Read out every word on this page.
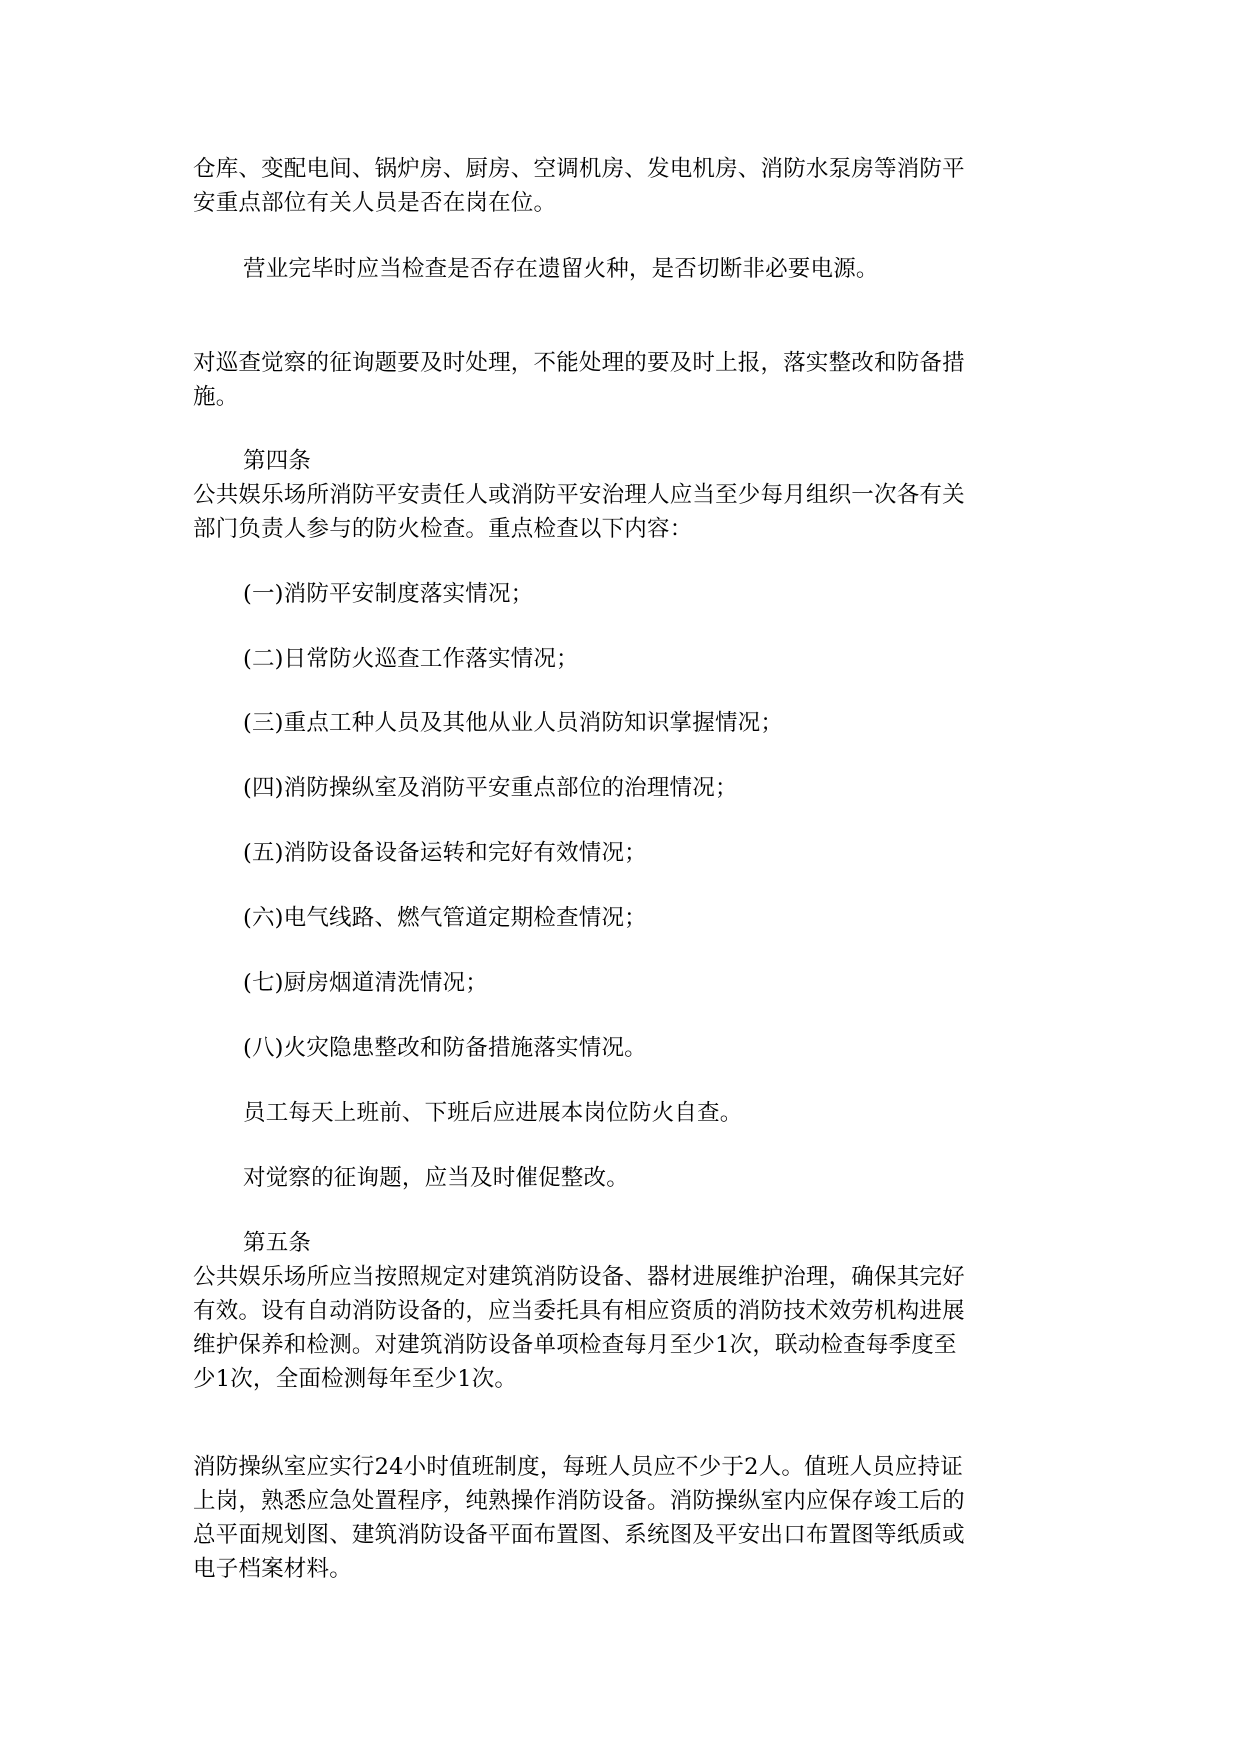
仓库、变配电间、锅炉房、厨房、空调机房、发电机房、消防水泵房等消防平
安重点部位有关人员是否在岗在位。

营业完毕时应当检查是否存在遗留火种，是否切断非必要电源。

对巡查觉察的征询题要及时处理，不能处理的要及时上报，落实整改和防备措
施。

第四条

公共娱乐场所消防平安责任人或消防平安治理人应当至少每月组织一次各有关
部门负责人参与的防火检查。重点检查以下内容：

(一)消防平安制度落实情况；

(二)日常防火巡查工作落实情况；

(三)重点工种人员及其他从业人员消防知识掌握情况；

(四)消防操纵室及消防平安重点部位的治理情况；

(五)消防设备设备运转和完好有效情况；

(六)电气线路、燃气管道定期检查情况；

(七)厨房烟道清洗情况；

(八)火灾隐患整改和防备措施落实情况。

员工每天上班前、下班后应进展本岗位防火自查。

对觉察的征询题，应当及时催促整改。

第五条

公共娱乐场所应当按照规定对建筑消防设备、器材进展维护治理，确保其完好
有效。设有自动消防设备的，应当委托具有相应资质的消防技术效劳机构进展
维护保养和检测。对建筑消防设备单项检查每月至少1次，联动检查每季度至
少1次，全面检测每年至少1次。

消防操纵室应实行24小时值班制度，每班人员应不少于2人。值班人员应持证
上岗，熟悉应急处置程序，纯熟操作消防设备。消防操纵室内应保存竣工后的
总平面规划图、建筑消防设备平面布置图、系统图及平安出口布置图等纸质或
电子档案材料。
